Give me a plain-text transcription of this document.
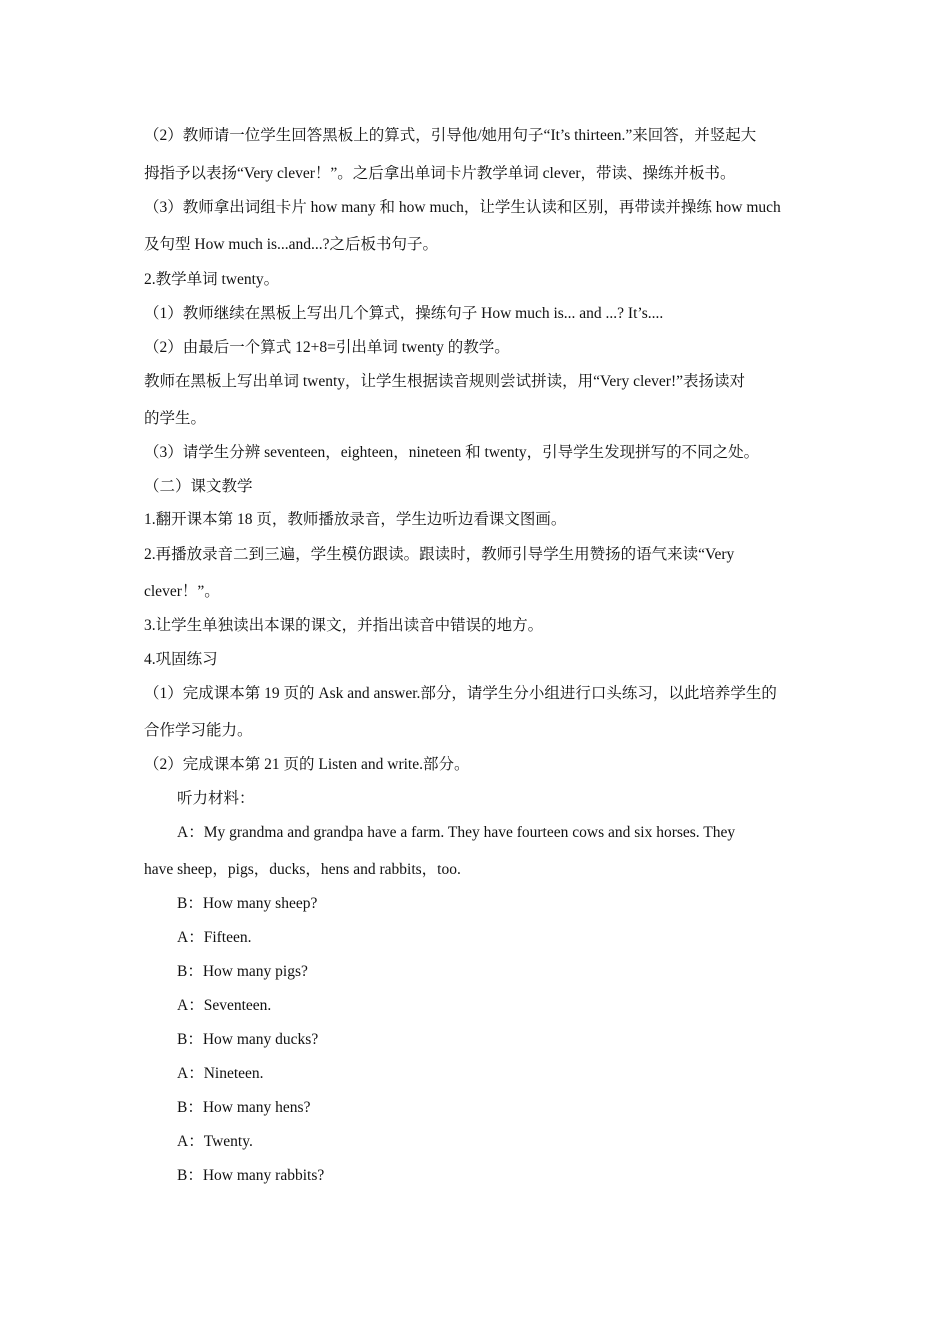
（2）教师请一位学生回答黑板上的算式，引导他/她用句子“It’s thirteen.”来回答，并竖起大
拇指予以表扬“Very clever！”。之后拿出单词卡片教学单词 clever，带读、操练并板书。
（3）教师拿出词组卡片 how many 和 how much，让学生认读和区别，再带读并操练 how much
及句型 How much is...and...?之后板书句子。
2.教学单词 twenty。
（1）教师继续在黑板上写出几个算式，操练句子 How much is... and ...? It’s....
（2）由最后一个算式 12+8=引出单词 twenty 的教学。
教师在黑板上写出单词 twenty，让学生根据读音规则尝试拼读，用“Very clever!”表扬读对
的学生。
（3）请学生分辨 seventeen，eighteen，nineteen 和 twenty，引导学生发现拼写的不同之处。
（二）课文教学
1.翻开课本第 18 页，教师播放录音，学生边听边看课文图画。
2.再播放录音二到三遍，学生模仿跟读。跟读时，教师引导学生用赞扬的语气来读“Very
clever！”。
3.让学生单独读出本课的课文，并指出读音中错误的地方。
4.巩固练习
（1）完成课本第 19 页的 Ask and answer.部分，请学生分小组进行口头练习，以此培养学生的
合作学习能力。
（2）完成课本第 21 页的 Listen and write.部分。
听力材料：
A：My grandma and grandpa have a farm. They have fourteen cows and six horses. They
have sheep，pigs，ducks，hens and rabbits，too.
B：How many sheep?
A：Fifteen.
B：How many pigs?
A：Seventeen.
B：How many ducks?
A：Nineteen.
B：How many hens?
A：Twenty.
B：How many rabbits?
